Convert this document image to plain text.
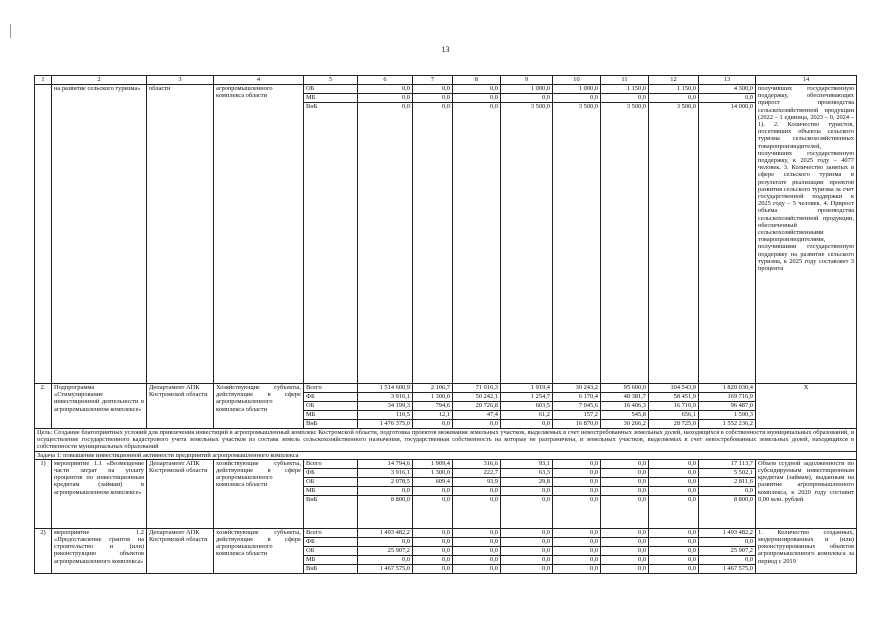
13
1	2	3	4	5	6	7	8	9	10	11	12	13	14
	на развитие сельского туризма»	области	агропромышленного комплекса области	ОБ	0,0	0,0	0,0	1 000,0	1 000,0	1 150,0	1 150,0	4 300,0	получивших государственную поддержку, обеспечивающих прирост производства сельскохозяйственной продукции (2022 – 1 единица, 2023 – 0, 2024 – 1). 2. Количество туристов, посетивших объекты сельского туризма сельскохозяйственных товаропроизводителей, получивших государственную поддержку, к 2025 году – 4077 человек. 3. Количество занятых в сфере сельского туризма в результате реализации проектов развития сельского туризма за счет государственной поддержки к 2025 году – 5 человек. 4. Прирост объема производства сельскохозяйственной продукции, обеспеченный сельскохозяйственными товаропроизводителями, получившими государственную поддержку на развитие сельского туризма, к 2025 году составляет 3 процента
				МБ	0,0	0,0	0,0	0,0	0,0	0,0	0,0	0,0	
				ВнБ	0,0	0,0	0,0	3 500,0	3 500,0	3 500,0	3 500,0	14 000,0	
2.	Подпрограмма «Стимулирование инвестиционной деятельности в агропромышленном комплексе»	Департамент АПК Костромской области	Хозяйствующие субъекты, действующие в сфере агропромышленного комплекса области	Всего	1 514 600,9	2 106,7	71 016,3	1 919,4	30 243,2	95 600,0	104 543,9	1 820 030,4	X
				ФБ	3 916,1	1 300,0	50 242,1	1 254,7	6 170,4	48 381,7	58 451,9	169 716,9	
				ОБ	34 199,3	794,6	20 726,8	603,5	7 045,6	16 406,3	16 710,9	96 487,0	
				МБ	110,5	12,1	47,4	61,2	157,2	545,8	656,1	1 590,3	
				ВнБ	1 476 375,0	0,0	0,0	0,0	16 870,0	30 266,2	28 725,0	1 552 236,2	
Цель: Создание благоприятных условий для привлечения инвестиций в агропромышленный комплекс Костромской области, подготовка проектов межевания земельных участков, выделяемых в счет невостребованных земельных долей, находящихся в собственности муниципальных образований, и осуществление государственного кадастрового учета земельных участков из состава земель сельскохозяйственного назначения, государственная собственность на которые не разграничена, и земельных участков, выделяемых в счет невостребованных земельных долей, находящихся в собственности муниципальных образований													
Задача 1: повышение инвестиционной активности предприятий агропромышленного комплекса													
1)	мероприятие 1.1 «Возмещение части затрат на уплату процентов по инвестиционным кредитам (займам) в агропромышленном комплексе»	Департамент АПК Костромской области	хозяйствующие субъекты, действующие в сфере агропромышленного комплекса области	Всего	14 794,6	1 909,4	316,6	93,1	0,0	0,0	0,0	17 113,7	Объем ссудной задолженности по субсидируемым инвестиционным кредитам (займам), выданным на развитие агропромышленного комплекса, к 2020 году составит 0,00 млн. рублей
				ФБ	3 916,1	1 300,0	222,7	63,3	0,0	0,0	0,0	5 502,1	
				ОБ	2 078,5	609,4	93,9	29,8	0,0	0,0	0,0	2 811,6	
				МБ	0,0	0,0	0,0	0,0	0,0	0,0	0,0	0,0	
				ВнБ	8 800,0	0,0	0,0	0,0	0,0	0,0	0,0	8 800,0	
2)	мероприятие 1.2 «Предоставление грантов на строительство и (или) реконструкцию объектов агропромышленного комплекса»	Департамент АПК Костромской области	хозяйствующие субъекты, действующие в сфере агропромышленного комплекса области	Всего	1 493 482,2	0,0	0,0	0,0	0,0	0,0	0,0	1 493 482,2	1. Количество созданных, модернизированных и (или) реконструированных объектов агропромышленного комплекса за период с 2019
				ФБ	0,0	0,0	0,0	0,0	0,0	0,0	0,0	0,0	
				ОБ	25 907,2	0,0	0,0	0,0	0,0	0,0	0,0	25 907,2	
				МБ	0,0	0,0	0,0	0,0	0,0	0,0	0,0	0,0	
				ВнБ	1 467 575,0	0,0	0,0	0,0	0,0	0,0	0,0	1 467 575,0	
